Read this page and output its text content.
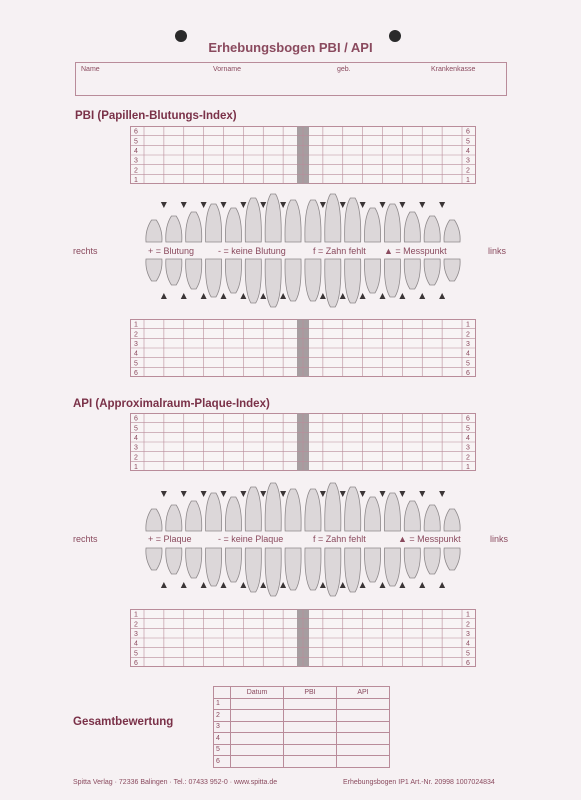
Erhebungsbogen PBI / API
Name	Vorname	geb.	Krankenkasse
PBI (Papillen-Blutungs-Index)
6	6
5	5
4	4
3	3
2	2
1	1
rechts	links
+ = Blutung	- = keine Blutung	f = Zahn fehlt ▲ = Messpunkt
1	1
2	2
3	3
4	4
5	5
6	6
API (Approximalraum-Plaque-Index)
6	6
5	5
4	4
3	3
2	2
1	1
rechts	links
+ = Plaque	- = keine Plaque	f = Zahn fehlt	▲ = Messpunkt
1	1
2	2
3	3
4	4
5	5
6	6
Gesamtbewertung
	Datum	PBI	API
1			
2			
3			
4			
5			
6			
Spitta Verlag · 72336 Balingen · Tel.: 07433 952-0 · www.spitta.de	Erhebungsbogen IP1 Art.-Nr. 20998 1007024834
